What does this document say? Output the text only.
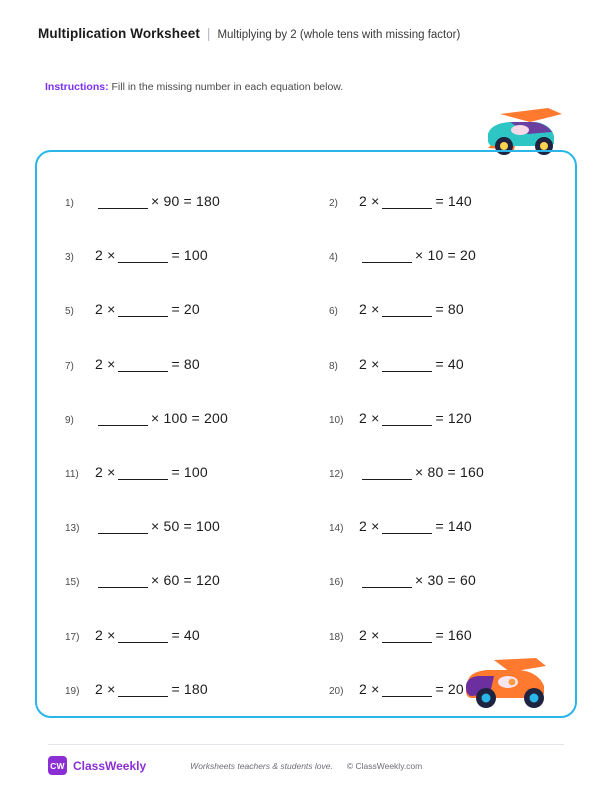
Multiplication Worksheet | Multiplying by 2 (whole tens with missing factor)
Instructions: Fill in the missing number in each equation below.
1)	× 90 = 180	2)	2 ×	= 140
3)	2 ×	= 100	4)	× 10 = 20
5)	2 ×	= 20	6)	2 ×	= 80
7)	2 ×	= 80	8)	2 ×	= 40
9)	× 100 = 200	10)	2 ×	= 120
11)	2 ×	= 100	12)	× 80 = 160
13)	× 50 = 100	14)	2 ×	= 140
15)	× 60 = 120	16)	× 30 = 60
17)	2 ×	= 40	18)	2 ×	= 160
19)	2 ×	= 180	20)	2 ×	= 20
CW ClassWeekly	Worksheets teachers & students love. © ClassWeekly.com
